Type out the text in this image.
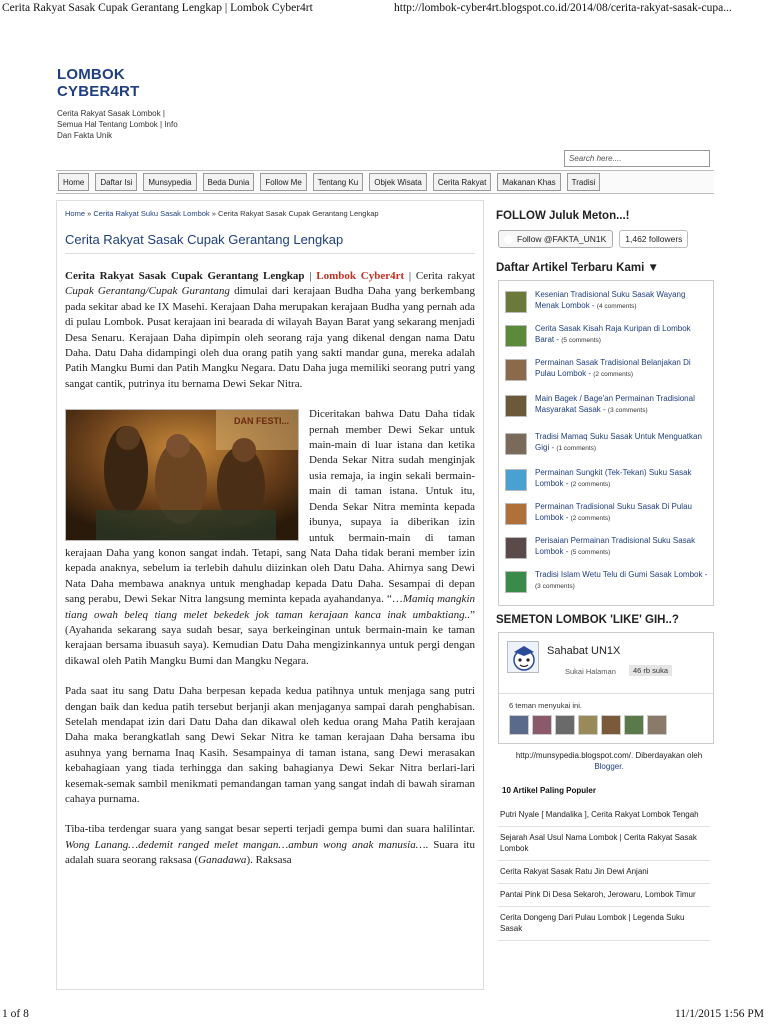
Cerita Rakyat Sasak Cupak Gerantang Lengkap | Lombok Cyber4rt	http://lombok-cyber4rt.blogspot.co.id/2014/08/cerita-rakyat-sasak-cupa...
LOMBOK
CYBER4RT
Cerita Rakyat Sasak Lombok | Semua Hal Tentang Lombok | Info Dan Fakta Unik
Search here....
Home	Daftar Isi	Munsypedia	Beda Dunia	Follow Me	Tentang Ku	Objek Wisata	Cerita Rakyat	Makanan Khas	Tradisi
Home » Cerita Rakyat Suku Sasak Lombok » Cerita Rakyat Sasak Cupak Gerantang Lengkap
Cerita Rakyat Sasak Cupak Gerantang Lengkap

Cerita Rakyat Sasak Cupak Gerantang Lengkap | Lombok Cyber4rt | Cerita rakyat Cupak Gerantang/Cupak Gurantang dimulai dari kerajaan Budha Daha yang berkembang pada sekitar abad ke IX Masehi. Kerajaan Daha merupakan kerajaan Budha yang pernah ada di pulau Lombok. Pusat kerajaan ini bearada di wilayah Bayan Barat yang sekarang menjadi Desa Senaru. Kerajaan Daha dipimpin oleh seorang raja yang dikenal dengan nama Datu Daha. Datu Daha didampingi oleh dua orang patih yang sakti mandar guna, mereka adalah Patih Mangku Bumi dan Patih Mangku Negara. Datu Daha juga memiliki seorang putri yang sangat cantik, putrinya itu bernama Dewi Sekar Nitra.

DAN FESTI...
Diceritakan bahwa Datu Daha tidak pernah member Dewi Sekar untuk main-main di luar istana dan ketika Denda Sekar Nitra sudah menginjak usia remaja, ia ingin sekali bermain-main di taman istana. Untuk itu, Denda Sekar Nitra meminta kepada ibunya, supaya ia diberikan izin untuk bermain-main di taman kerajaan Daha yang konon sangat indah. Tetapi, sang Nata Daha tidak berani member izin kepada anaknya, sebelum ia terlebih dahulu diizinkan oleh Datu Daha. Ahirnya sang Dewi Nata Daha membawa anaknya untuk menghadap kepada Datu Daha. Sesampai di depan sang perabu, Dewi Sekar Nitra langsung meminta kepada ayahandanya. “…Mamiq mangkin tiang owah beleq tiang melet bekedek jok taman kerajaan kanca inak umbaktiang..” (Ayahanda sekarang saya sudah besar, saya berkeinginan untuk bermain-main ke taman kerajaan bersama ibuasuh saya). Kemudian Datu Daha mengizinkannya untuk pergi dengan dikawal oleh Patih Mangku Bumi dan Mangku Negara.

Pada saat itu sang Datu Daha berpesan kepada kedua patihnya untuk menjaga sang putri dengan baik dan kedua patih tersebut berjanji akan menjaganya sampai darah penghabisan. Setelah mendapat izin dari Datu Daha dan dikawal oleh kedua orang Maha Patih kerajaan Daha maka berangkatlah sang Dewi Sekar Nitra ke taman kerajaan Daha bersama ibu asuhnya yang bernama Inaq Kasih. Sesampainya di taman istana, sang Dewi merasakan kebahagiaan yang tiada terhingga dan saking bahagianya Dewi Sekar Nitra berlari-lari kesemak-semak sambil menikmati pemandangan taman yang sangat indah di bawah siraman cahaya purnama.

Tiba-tiba terdengar suara yang sangat besar seperti terjadi gempa bumi dan suara halilintar. Wong Lanang…dedemit ranged melet mangan…ambun wong anak manusia…. Suara itu adalah suara seorang raksasa (Ganadawa). Raksasa

FOLLOW Juluk Meton...!
Follow @FAKTA_UN1K	1,462 followers
Daftar Artikel Terbaru Kami ▼
Kesenian Tradisional Suku Sasak Wayang Menak Lombok - (4 comments)
Cerita Sasak Kisah Raja Kuripan di Lombok Barat - (5 comments)
Permainan Sasak Tradisional Belanjakan Di Pulau Lombok - (2 comments)
Main Bagek / Bage'an Permainan Tradisional Masyarakat Sasak - (3 comments)
Tradisi Mamaq Suku Sasak Untuk Menguatkan Gigi - (1 comments)
Permainan Sungkit (Tek-Tekan) Suku Sasak Lombok - (2 comments)
Permainan Tradisional Suku Sasak Di Pulau Lombok - (2 comments)
Perisaian Permainan Tradisional Suku Sasak Lombok - (5 comments)
Tradisi Islam Wetu Telu di Gumi Sasak Lombok - (3 comments)
SEMETON LOMBOK 'LIKE' GIH..?
Sahabat UN1X
Sukai Halaman	46 rb suka
6 teman menyukai ini.
http://munsypedia.blogspot.com/. Diberdayakan oleh Blogger.
10 Artikel Paling Populer
Putri Nyale [ Mandalika ], Cerita Rakyat Lombok Tengah
Sejarah Asal Usul Nama Lombok | Cerita Rakyat Sasak Lombok
Cerita Rakyat Sasak Ratu Jin Dewi Anjani
Pantai Pink Di Desa Sekaroh, Jerowaru, Lombok Timur
Cerita Dongeng Dari Pulau Lombok | Legenda Suku Sasak
1 of 8	11/1/2015 1:56 PM
